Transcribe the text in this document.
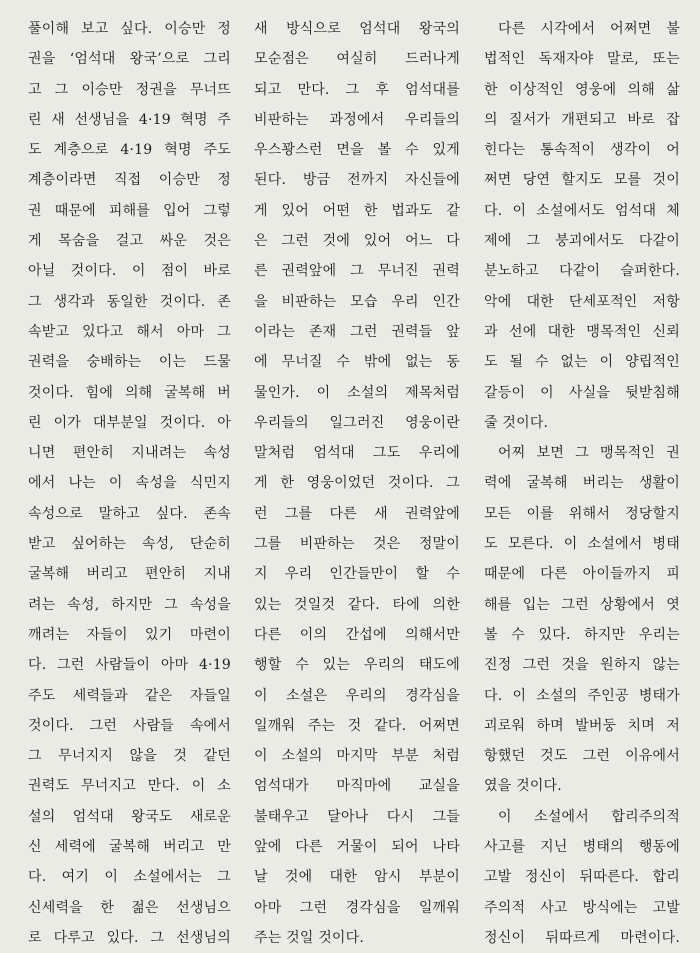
풀이해 보고 싶다. 이승만 정
권을 ‘엄석대 왕국’으로 그리
고 그 이승만 정권을 무너뜨
린 새 선생님을 4·19 혁명 주
도 계층으로 4·19 혁명 주도
계층이라면 직접 이승만 정
권 때문에 피해를 입어 그렇
게 목숨을 걸고 싸운 것은
아닐 것이다. 이 점이 바로
그 생각과 동일한 것이다. 존
속받고 있다고 해서 아마 그
권력을 숭배하는 이는 드물
것이다. 힘에 의해 굴복해 버
린 이가 대부분일 것이다. 아
니면 편안히 지내려는 속성
에서 나는 이 속성을 식민지
속성으로 말하고 싶다. 존속
받고 싶어하는 속성, 단순히
굴복해 버리고 편안히 지내
려는 속성, 하지만 그 속성을
깨려는 자들이 있기 마련이
다. 그런 사람들이 아마 4·19
주도 세력들과 같은 자들일
것이다. 그런 사람들 속에서
그 무너지지 않을 것 같던
권력도 무너지고 만다. 이 소
설의 엄석대 왕국도 새로운
신 세력에 굴복해 버리고 만
다. 여기 이 소설에서는 그
신세력을 한 젊은 선생님으
로 다루고 있다. 그 선생님의
새 방식으로 엄석대 왕국의
모순점은 여실히 드러나게
되고 만다. 그 후 엄석대를
비판하는 과정에서 우리들의
우스꽝스런 면을 볼 수 있게
된다. 방금 전까지 자신들에
게 있어 어떤 한 법과도 같
은 그런 것에 있어 어느 다
른 권력앞에 그 무너진 권력
을 비판하는 모습 우리 인간
이라는 존재 그런 권력들 앞
에 무너질 수 밖에 없는 동
물인가. 이 소설의 제목처럼
우리들의 일그러진 영웅이란
말처럼 엄석대 그도 우리에
게 한 영웅이었던 것이다. 그
런 그를 다른 새 권력앞에
그를 비판하는 것은 정말이
지 우리 인간들만이 할 수
있는 것일것 같다. 타에 의한
다른 이의 간섭에 의해서만
행할 수 있는 우리의 태도에
이 소설은 우리의 경각심을
일깨워 주는 것 같다. 어쩌면
이 소설의 마지막 부분 처럼
엄석대가 마직마에 교실을
불태우고 달아나 다시 그들
앞에 다른 거물이 되어 나타
날 것에 대한 암시 부분이
아마 그런 경각심을 일깨워
주는 것일 것이다.
다른 시각에서 어쩌면 불
법적인 독재자야 말로, 또는
한 이상적인 영웅에 의해 삶
의 질서가 개편되고 바로 잡
힌다는 통속적이 생각이 어
쩌면 당연 할지도 모를 것이
다. 이 소설에서도 엄석대 체
제에 그 붕괴에서도 다같이
분노하고 다같이 슬퍼한다.
악에 대한 단세포적인 저항
과 선에 대한 맹목적인 신뢰
도 될 수 없는 이 양립적인
갈등이 이 사실을 뒷받침해
줄 것이다.
어찌 보면 그 맹목적인 권
력에 굴복해 버리는 생활이
모든 이를 위해서 정당할지
도 모른다. 이 소설에서 병태
때문에 다른 아이들까지 피
해를 입는 그런 상황에서 엿
볼 수 있다. 하지만 우리는
진정 그런 것을 원하지 않는
다. 이 소설의 주인공 병태가
괴로워 하며 발버둥 치며 저
항했던 것도 그런 이유에서
였을 것이다.
이 소설에서 합리주의적
사고를 지닌 병태의 행동에
고발 정신이 뒤따른다. 합리
주의적 사고 방식에는 고발
정신이 뒤따르게 마련이다.
